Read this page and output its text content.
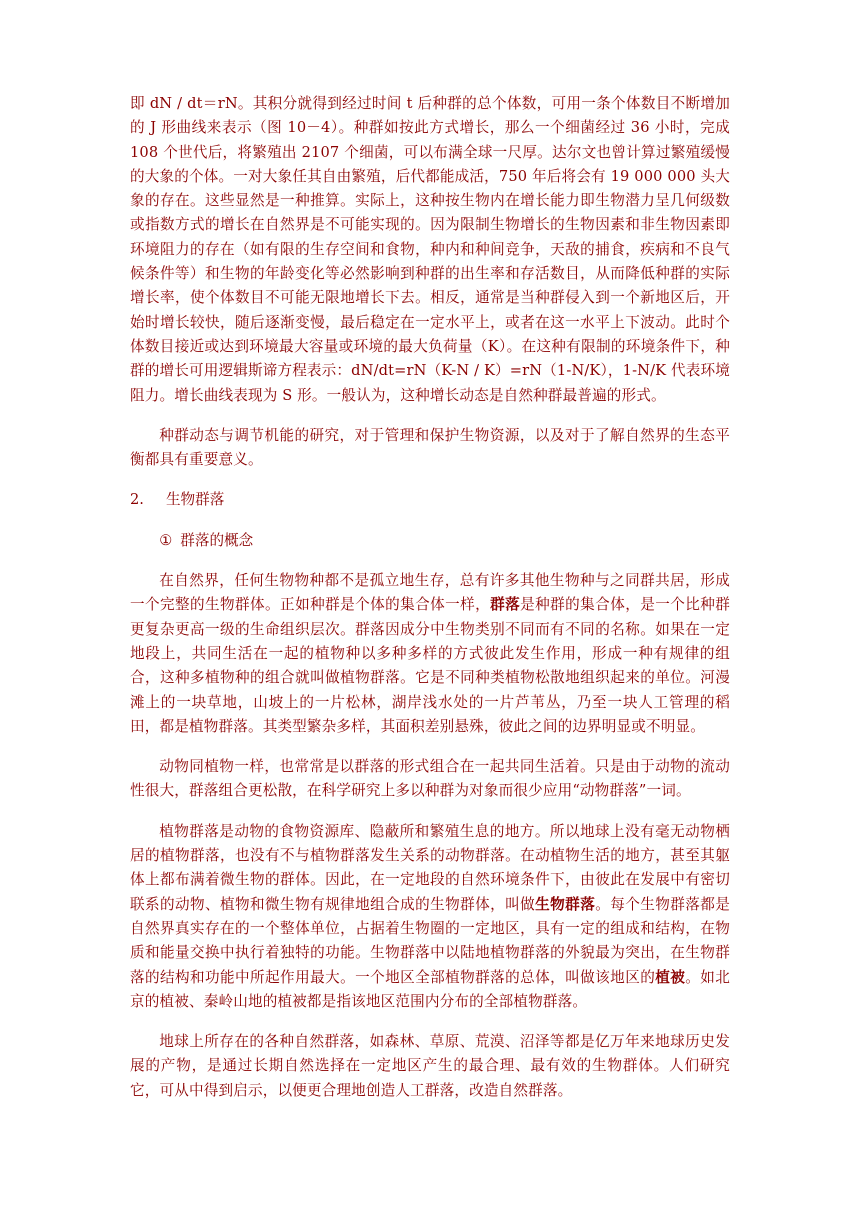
即 dN / dt＝rN。其积分就得到经过时间 t 后种群的总个体数，可用一条个体数目不断增加的 J 形曲线来表示（图 10－4）。种群如按此方式增长，那么一个细菌经过 36 小时，完成 108 个世代后，将繁殖出 2107 个细菌，可以布满全球一尺厚。达尔文也曾计算过繁殖缓慢的大象的个体。一对大象任其自由繁殖，后代都能成活，750 年后将会有 19 000 000 头大象的存在。这些显然是一种推算。实际上，这种按生物内在增长能力即生物潜力呈几何级数或指数方式的增长在自然界是不可能实现的。因为限制生物增长的生物因素和非生物因素即环境阻力的存在（如有限的生存空间和食物，种内和种间竞争，天敌的捕食，疾病和不良气候条件等）和生物的年龄变化等必然影响到种群的出生率和存活数目，从而降低种群的实际增长率，使个体数目不可能无限地增长下去。相反，通常是当种群侵入到一个新地区后，开始时增长较快，随后逐渐变慢，最后稳定在一定水平上，或者在这一水平上下波动。此时个体数目接近或达到环境最大容量或环境的最大负荷量（K）。在这种有限制的环境条件下，种群的增长可用逻辑斯谛方程表示：dN/dt=rN（K-N / K）=rN（1-N/K），1-N/K 代表环境阻力。增长曲线表现为 S 形。一般认为，这种增长动态是自然种群最普遍的形式。

种群动态与调节机能的研究，对于管理和保护生物资源，以及对于了解自然界的生态平衡都具有重要意义。

2. 生物群落

① 群落的概念

在自然界，任何生物物种都不是孤立地生存，总有许多其他生物种与之同群共居，形成一个完整的生物群体。正如种群是个体的集合体一样，群落是种群的集合体，是一个比种群更复杂更高一级的生命组织层次。群落因成分中生物类别不同而有不同的名称。如果在一定地段上，共同生活在一起的植物种以多种多样的方式彼此发生作用，形成一种有规律的组合，这种多植物种的组合就叫做植物群落。它是不同种类植物松散地组织起来的单位。河漫滩上的一块草地，山坡上的一片松林，湖岸浅水处的一片芦苇丛，乃至一块人工管理的稻田，都是植物群落。其类型繁杂多样，其面积差别悬殊，彼此之间的边界明显或不明显。

动物同植物一样，也常常是以群落的形式组合在一起共同生活着。只是由于动物的流动性很大，群落组合更松散，在科学研究上多以种群为对象而很少应用“动物群落”一词。

植物群落是动物的食物资源库、隐蔽所和繁殖生息的地方。所以地球上没有毫无动物栖居的植物群落，也没有不与植物群落发生关系的动物群落。在动植物生活的地方，甚至其躯体上都布满着微生物的群体。因此，在一定地段的自然环境条件下，由彼此在发展中有密切联系的动物、植物和微生物有规律地组合成的生物群体，叫做生物群落。每个生物群落都是自然界真实存在的一个整体单位，占据着生物圈的一定地区，具有一定的组成和结构，在物质和能量交换中执行着独特的功能。生物群落中以陆地植物群落的外貌最为突出，在生物群落的结构和功能中所起作用最大。一个地区全部植物群落的总体，叫做该地区的植被。如北京的植被、秦岭山地的植被都是指该地区范围内分布的全部植物群落。

地球上所存在的各种自然群落，如森林、草原、荒漠、沼泽等都是亿万年来地球历史发展的产物，是通过长期自然选择在一定地区产生的最合理、最有效的生物群体。人们研究它，可从中得到启示，以便更合理地创造人工群落，改造自然群落。
